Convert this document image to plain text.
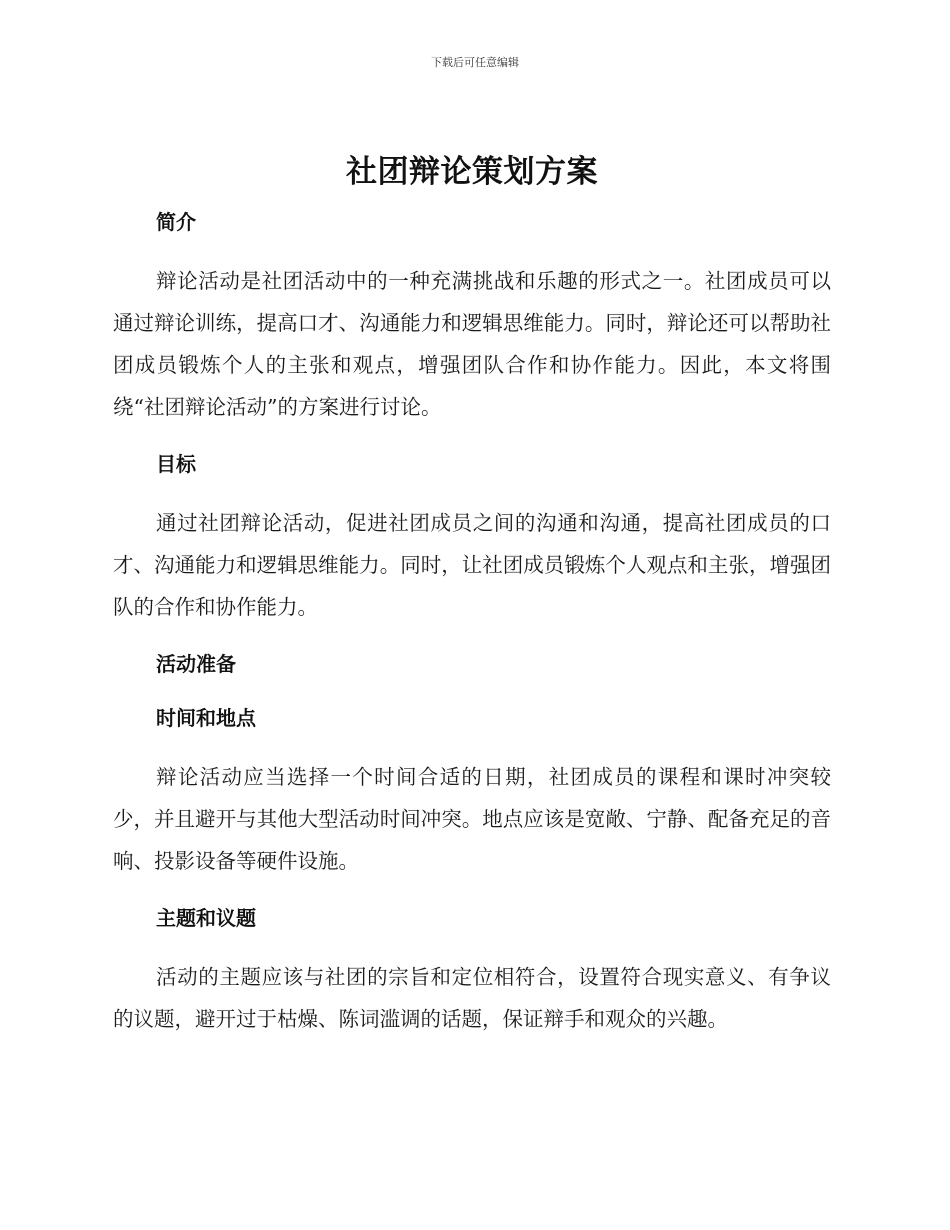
下载后可任意编辑
社团辩论策划方案
简介

辩论活动是社团活动中的一种充满挑战和乐趣的形式之一。社团成员可以通过辩论训练，提高口才、沟通能力和逻辑思维能力。同时，辩论还可以帮助社团成员锻炼个人的主张和观点，增强团队合作和协作能力。因此，本文将围绕“社团辩论活动”的方案进行讨论。

目标

通过社团辩论活动，促进社团成员之间的沟通和沟通，提高社团成员的口才、沟通能力和逻辑思维能力。同时，让社团成员锻炼个人观点和主张，增强团队的合作和协作能力。

活动准备
时间和地点

辩论活动应当选择一个时间合适的日期，社团成员的课程和课时冲突较少，并且避开与其他大型活动时间冲突。地点应该是宽敞、宁静、配备充足的音响、投影设备等硬件设施。

主题和议题

活动的主题应该与社团的宗旨和定位相符合，设置符合现实意义、有争议的议题，避开过于枯燥、陈词滥调的话题，保证辩手和观众的兴趣。
